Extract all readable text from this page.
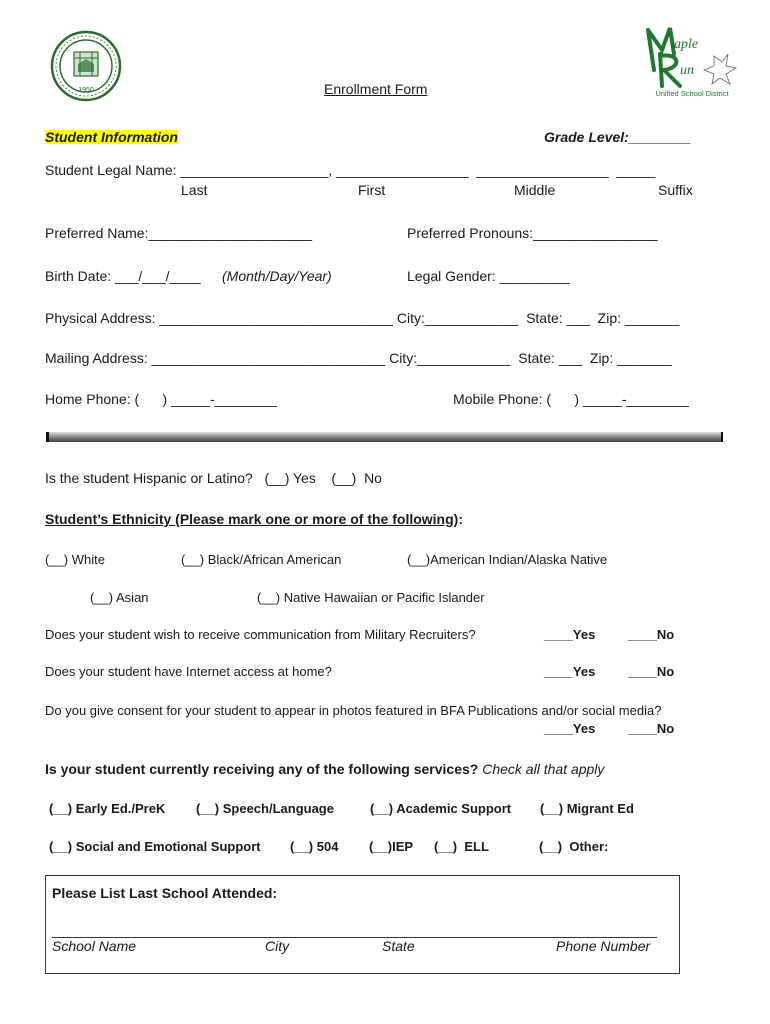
1950
aple
un
Unified School District
Enrollment Form
Student Information	Grade Level:________
Student Legal Name: ___________________, _________________  _________________  _____
Last	First	Middle	Suffix
Preferred Name:_____________________	Preferred Pronouns:________________
Birth Date: ___/___/____ (Month/Day/Year)	Legal Gender: _________
Physical Address: ______________________________ City:____________  State: ___  Zip: _______
Mailing Address: ______________________________ City:____________  State: ___  Zip: _______
Home Phone: (      ) _____-________	Mobile Phone: (      ) _____-________
Is the student Hispanic or Latino?   (__) Yes    (__)  No
Student’s Ethnicity (Please mark one or more of the following):
(__) White	(__) Black/African American	(__)American Indian/Alaska Native
(__) Asian	(__) Native Hawaiian or Pacific Islander
Does your student wish to receive communication from Military Recruiters?	____Yes	____No
Does your student have Internet access at home?	____Yes	____No
Do you give consent for your student to appear in photos featured in BFA Publications and/or social media?
____Yes	____No
Is your student currently receiving any of the following services? Check all that apply
(__) Early Ed./PreK (__) Speech/Language	(__) Academic Support (__) Migrant Ed
(__) Social and Emotional Support (__) 504 (__)IEP (__)  ELL	(__)  Other:
Please List Last School Attended:
School Name	City	State	Phone Number
